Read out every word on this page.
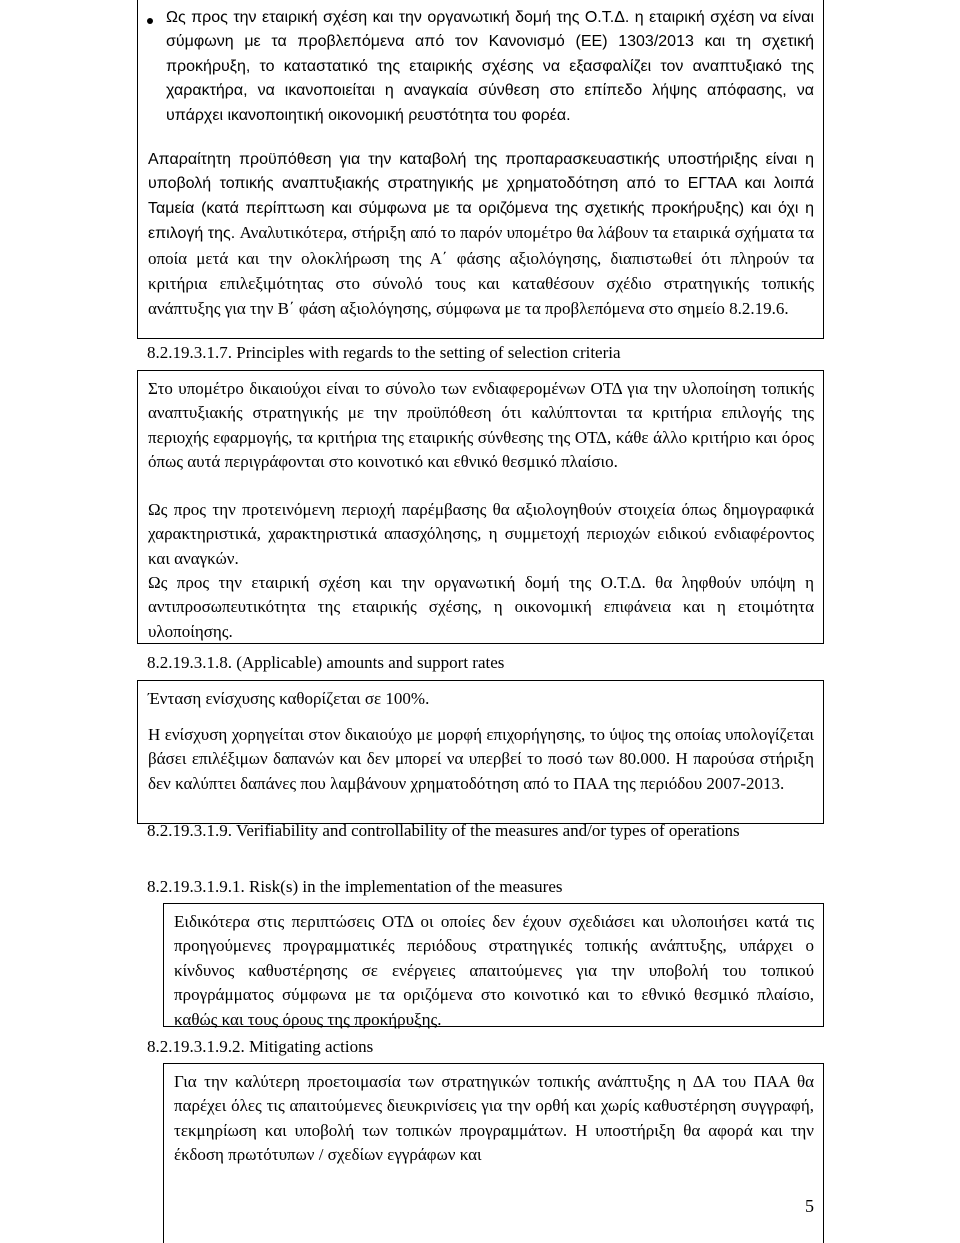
Ως προς την εταιρική σχέση και την οργανωτική δομή της Ο.Τ.Δ. η εταιρική σχέση να είναι σύμφωνη με τα προβλεπόμενα από τον Κανονισμό (ΕΕ) 1303/2013 και τη σχετική προκήρυξη, το καταστατικό της εταιρικής σχέσης να εξασφαλίζει τον αναπτυξιακό της χαρακτήρα, να ικανοποιείται η αναγκαία σύνθεση στο επίπεδο λήψης απόφασης, να υπάρχει ικανοποιητική οικονομική ρευστότητα του φορέα.

Απαραίτητη προϋπόθεση για την καταβολή της προπαρασκευαστικής υποστήριξης είναι η υποβολή τοπικής αναπτυξιακής στρατηγικής με χρηματοδότηση από το ΕΓΤΑΑ και λοιπά Ταμεία (κατά περίπτωση και σύμφωνα με τα οριζόμενα της σχετικής προκήρυξης) και όχι η επιλογή της. Αναλυτικότερα, στήριξη από το παρόν υπομέτρο θα λάβουν τα εταιρικά σχήματα τα οποία μετά και την ολοκλήρωση της Α΄ φάσης αξιολόγησης, διαπιστωθεί ότι πληρούν τα κριτήρια επιλεξιμότητας στο σύνολό τους και καταθέσουν σχέδιο στρατηγικής τοπικής ανάπτυξης για την Β΄ φάση αξιολόγησης, σύμφωνα με τα προβλεπόμενα στο σημείο 8.2.19.6.

8.2.19.3.1.7. Principles with regards to the setting of selection criteria

Στο υπομέτρο δικαιούχοι είναι το σύνολο των ενδιαφερομένων ΟΤΔ για την υλοποίηση τοπικής αναπτυξιακής στρατηγικής με την προϋπόθεση ότι καλύπτονται τα κριτήρια επιλογής της περιοχής εφαρμογής, τα κριτήρια της εταιρικής σύνθεσης της ΟΤΔ, κάθε άλλο κριτήριο και όρος όπως αυτά περιγράφονται στο κοινοτικό και εθνικό θεσμικό πλαίσιο.

Ως προς την προτεινόμενη περιοχή παρέμβασης θα αξιολογηθούν στοιχεία όπως δημογραφικά χαρακτηριστικά, χαρακτηριστικά απασχόλησης, η συμμετοχή περιοχών ειδικού ενδιαφέροντος και αναγκών.

Ως προς την εταιρική σχέση και την οργανωτική δομή της Ο.Τ.Δ. θα ληφθούν υπόψη η αντιπροσωπευτικότητα της εταιρικής σχέσης, η οικονομική επιφάνεια και η ετοιμότητα υλοποίησης.

8.2.19.3.1.8. (Applicable) amounts and support rates

Ένταση ενίσχυσης καθορίζεται σε 100%.

Η ενίσχυση χορηγείται στον δικαιούχο με μορφή επιχορήγησης, το ύψος της οποίας υπολογίζεται βάσει επιλέξιμων δαπανών και δεν μπορεί να υπερβεί το ποσό των 80.000. Η παρούσα στήριξη δεν καλύπτει δαπάνες που λαμβάνουν χρηματοδότηση από το ΠΑΑ της περιόδου 2007-2013.

8.2.19.3.1.9. Verifiability and controllability of the measures and/or types of operations

8.2.19.3.1.9.1. Risk(s) in the implementation of the measures

Ειδικότερα στις περιπτώσεις ΟΤΔ οι οποίες δεν έχουν σχεδιάσει και υλοποιήσει κατά τις προηγούμενες προγραμματικές περιόδους στρατηγικές τοπικής ανάπτυξης, υπάρχει ο κίνδυνος καθυστέρησης σε ενέργειες απαιτούμενες για την υποβολή του τοπικού προγράμματος σύμφωνα με τα οριζόμενα στο κοινοτικό και το εθνικό θεσμικό πλαίσιο, καθώς και τους όρους της προκήρυξης.

8.2.19.3.1.9.2. Mitigating actions

Για την καλύτερη προετοιμασία των στρατηγικών τοπικής ανάπτυξης η ΔΑ του ΠΑΑ θα παρέχει όλες τις απαιτούμενες διευκρινίσεις για την ορθή και χωρίς καθυστέρηση συγγραφή, τεκμηρίωση και υποβολή των τοπικών προγραμμάτων. Η υποστήριξη θα αφορά και την έκδοση πρωτότυπων / σχεδίων εγγράφων και

5
